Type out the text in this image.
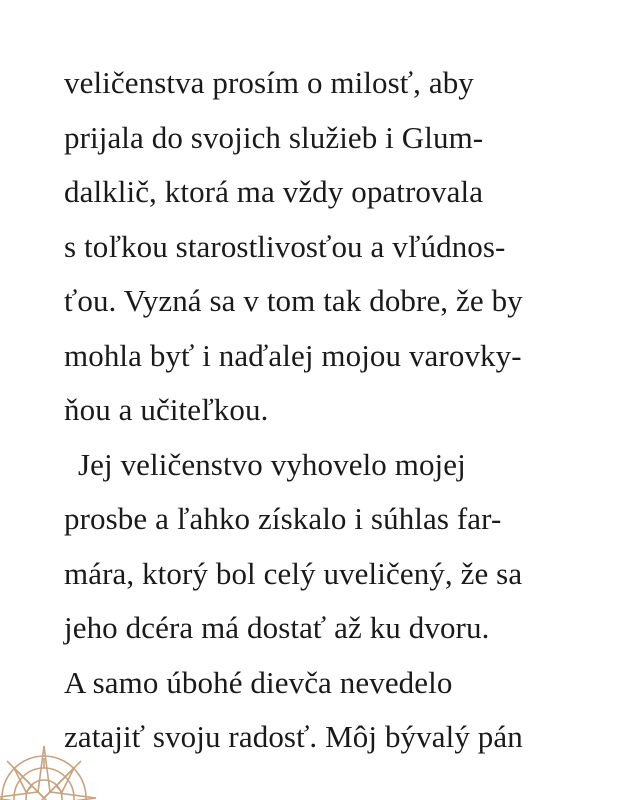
veličenstva prosím o milosť, aby
prijala do svojich služieb i Glum-
dalklič, ktorá ma vždy opatrovala
s toľkou starostlivosťou a vľúdnos-
ťou. Vyzná sa v tom tak dobre, že by
mohla byť i naďalej mojou varovky-
ňou a učiteľkou.
Jej veličenstvo vyhovelo mojej
prosbe a ľahko získalo i súhlas far-
mára, ktorý bol celý uveličený, že sa
jeho dcéra má dostať až ku dvoru.
A samo úbohé dievča nevedelo
zatajiť svoju radosť. Môj bývalý pán
